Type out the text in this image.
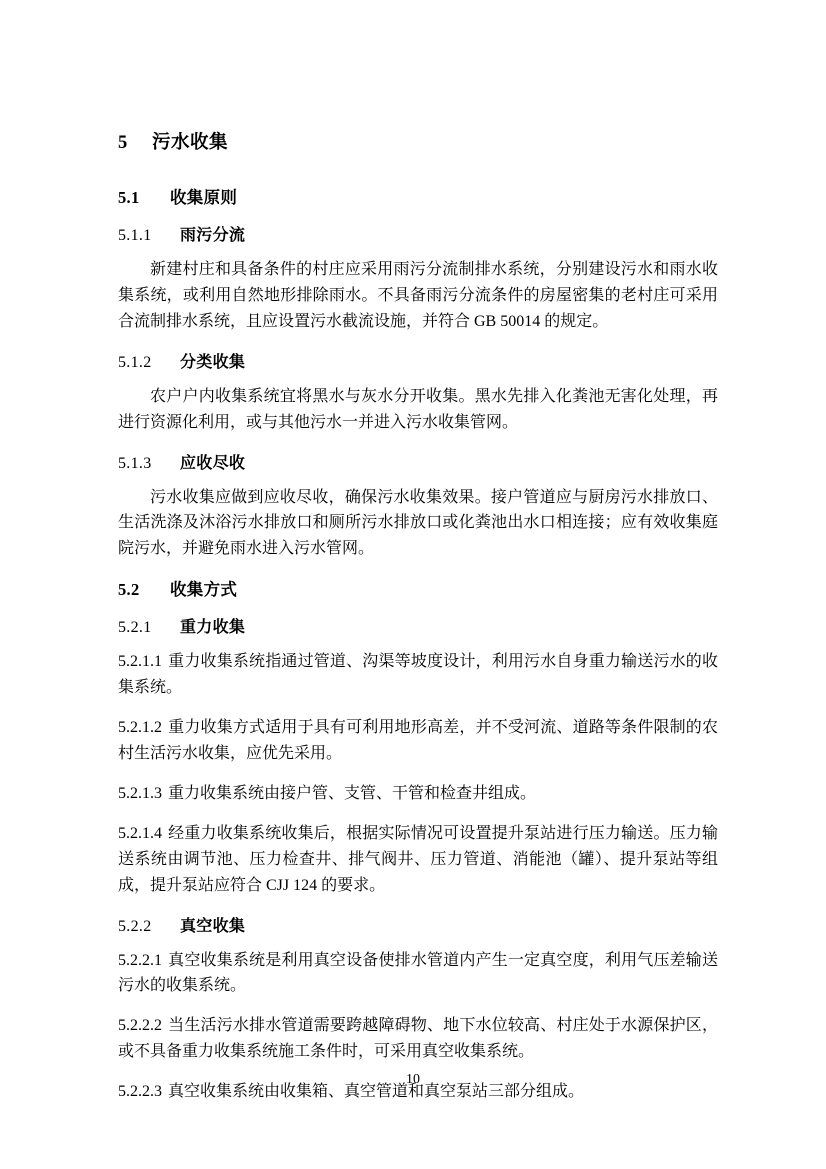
5 污水收集
5.1 收集原则
5.1.1 雨污分流

新建村庄和具备条件的村庄应采用雨污分流制排水系统，分别建设污水和雨水收集系统，或利用自然地形排除雨水。不具备雨污分流条件的房屋密集的老村庄可采用合流制排水系统，且应设置污水截流设施，并符合 GB 50014 的规定。

5.1.2 分类收集

农户户内收集系统宜将黑水与灰水分开收集。黑水先排入化粪池无害化处理，再进行资源化利用，或与其他污水一并进入污水收集管网。

5.1.3 应收尽收

污水收集应做到应收尽收，确保污水收集效果。接户管道应与厨房污水排放口、生活洗涤及沐浴污水排放口和厕所污水排放口或化粪池出水口相连接；应有效收集庭院污水，并避免雨水进入污水管网。

5.2 收集方式
5.2.1 重力收集

5.2.1.1 重力收集系统指通过管道、沟渠等坡度设计，利用污水自身重力输送污水的收集系统。

5.2.1.2 重力收集方式适用于具有可利用地形高差，并不受河流、道路等条件限制的农村生活污水收集，应优先采用。

5.2.1.3 重力收集系统由接户管、支管、干管和检查井组成。

5.2.1.4 经重力收集系统收集后，根据实际情况可设置提升泵站进行压力输送。压力输送系统由调节池、压力检查井、排气阀井、压力管道、消能池（罐）、提升泵站等组成，提升泵站应符合 CJJ 124 的要求。

5.2.2 真空收集

5.2.2.1 真空收集系统是利用真空设备使排水管道内产生一定真空度，利用气压差输送污水的收集系统。

5.2.2.2 当生活污水排水管道需要跨越障碍物、地下水位较高、村庄处于水源保护区，或不具备重力收集系统施工条件时，可采用真空收集系统。

5.2.2.3 真空收集系统由收集箱、真空管道和真空泵站三部分组成。

10
